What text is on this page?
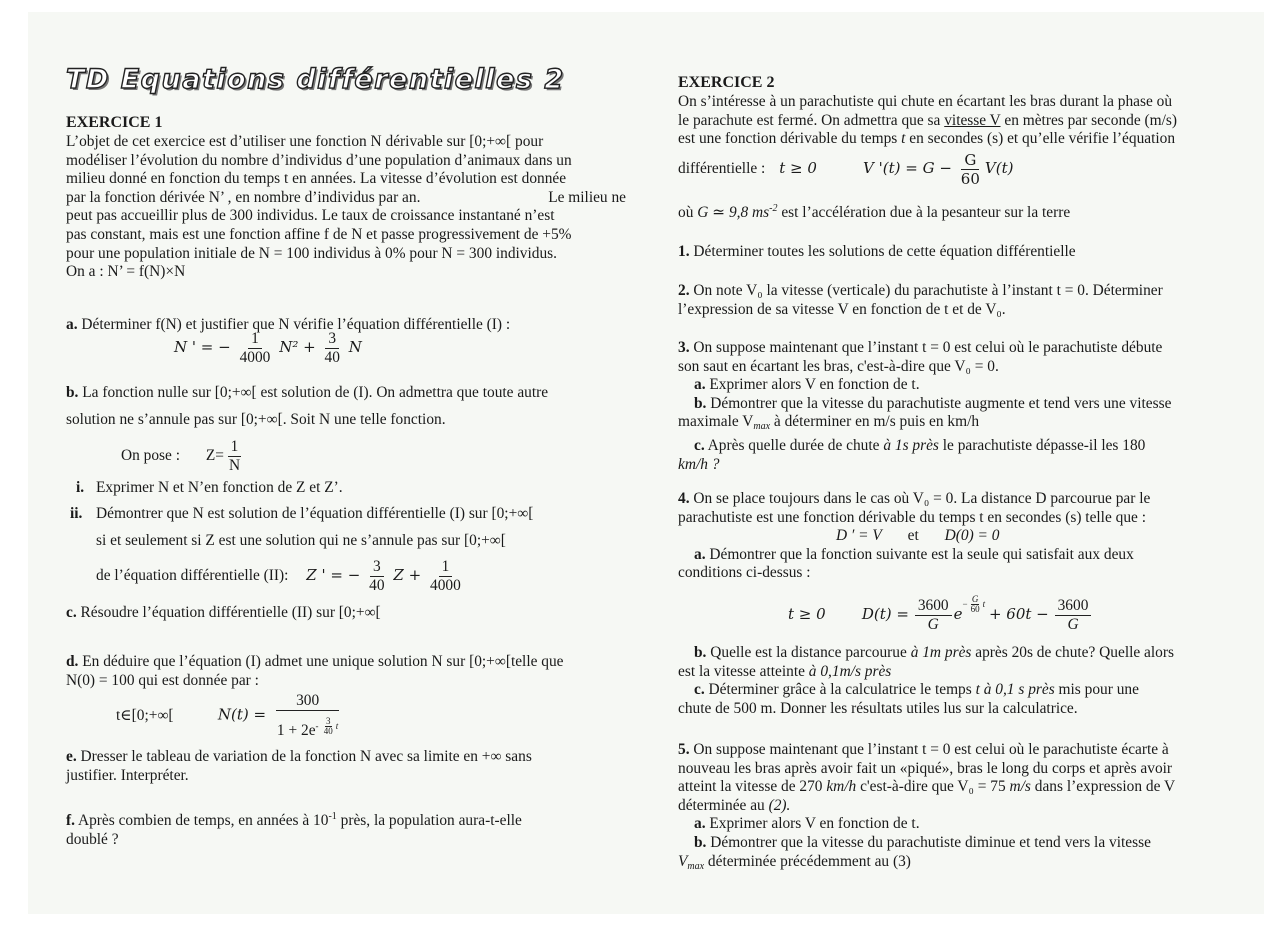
TD Equations différentielles 2
EXERCICE 1
L’objet de cet exercice est d’utiliser une fonction N dérivable sur [0;+∞[ pour
modéliser l’évolution du nombre d’individus d’une population d’animaux dans un
milieu donné en fonction du temps t en années. La vitesse d’évolution est donnée
par la fonction dérivée N’ , en nombre d’individus par an.	Le milieu ne
peut pas accueillir plus de 300 individus. Le taux de croissance instantané n’est
pas constant, mais est une fonction affine f de N et passe progressivement de +5%
pour une population initiale de N = 100 individus à 0% pour N = 300 individus.
On a : N’ = f(N)×N
a. Déterminer f(N) et justifier que N vérifie l’équation différentielle (I) :
N ' = − $\frac{1}{4000} N^2 + \frac{3}{40}$ N
b. La fonction nulle sur [0;+∞[ est solution de (I). On admettra que toute autre
solution ne s’annule pas sur [0;+∞[. Soit N une telle fonction.
On pose : $Z= \frac{1}{N}$
i. Exprimer N et N’en fonction de Z et Z’.
ii. Démontrer que N est solution de l’équation différentielle (I) sur [0;+∞[
si et seulement si Z est une solution qui ne s’annule pas sur [0;+∞[
de l’équation différentielle (II): Z ' = − $\frac{3}{40}$ $Z + \frac{1}{4000}$
c. Résoudre l’équation différentielle (II) sur [0;+∞[
d. En déduire que l’équation (I) admet une unique solution N sur [0;+∞[telle que
N(0) = 100 qui est donnée par :
t∈[0;+∞[	N(t) = 300
$1 + 2e^{- \frac{3}{40} t}$
e. Dresser le tableau de variation de la fonction N avec sa limite en +∞ sans
justifier. Interpréter.
f. Après combien de temps, en années à $10^{-1}$ près, la population aura-t-elle
doublé ?
EXERCICE 2
On s’intéresse à un parachutiste qui chute en écartant les bras durant la phase où
le parachute est fermé. On admettra que sa vitesse V en mètres par seconde (m/s)
est une fonction dérivable du temps t en secondes (s) et qu’elle vérifie l’équation
différentielle : t ≥ 0	V '$(t) = G - \frac{G}{60} V(t)$
où G ≃ 9,8 $ms^{-2}$ est l’accélération due à la pesanteur sur la terre
1. Déterminer toutes les solutions de cette équation différentielle
2. On note V₀ la vitesse (verticale) du parachutiste à l’instant t = 0. Déterminer
l’expression de sa vitesse V en fonction de t et de V₀.
3. On suppose maintenant que l’instant t = 0 est celui où le parachutiste débute
son saut en écartant les bras, c'est-à-dire que V₀ = 0.
a. Exprimer alors V en fonction de t.
b. Démontrer que la vitesse du parachutiste augmente et tend vers une vitesse
maximale $V_{max}$ à déterminer en m/s puis en km/h
c. Après quelle durée de chute à 1s près le parachutiste dépasse-il les 180
km/h ?
4. On se place toujours dans le cas où V₀ = 0. La distance D parcourue par le
parachutiste est une fonction dérivable du temps t en secondes (s) telle que :
D ′ = V et D(0) = 0
a. Démontrer que la fonction suivante est la seule qui satisfait aux deux
conditions ci-dessus :
t ≥ 0 $D(t) = \frac{3600}{G} e^{- \frac{G}{60} t} + 60t - \frac{3600}{G}$
b. Quelle est la distance parcourue à 1m près après 20s de chute? Quelle alors
est la vitesse atteinte à 0,1m/s près
c. Déterminer grâce à la calculatrice le temps t à 0,1 s près mis pour une
chute de 500 m. Donner les résultats utiles lus sur la calculatrice.
5. On suppose maintenant que l’instant t = 0 est celui où le parachutiste écarte à
nouveau les bras après avoir fait un «piqué», bras le long du corps et après avoir
atteint la vitesse de 270 km/h c'est-à-dire que V₀ = 75 m/s dans l’expression de V
déterminée au (2).
a. Exprimer alors V en fonction de t.
b. Démontrer que la vitesse du parachutiste diminue et tend vers la vitesse
$V_{max}$ déterminée précédemment au (3)
